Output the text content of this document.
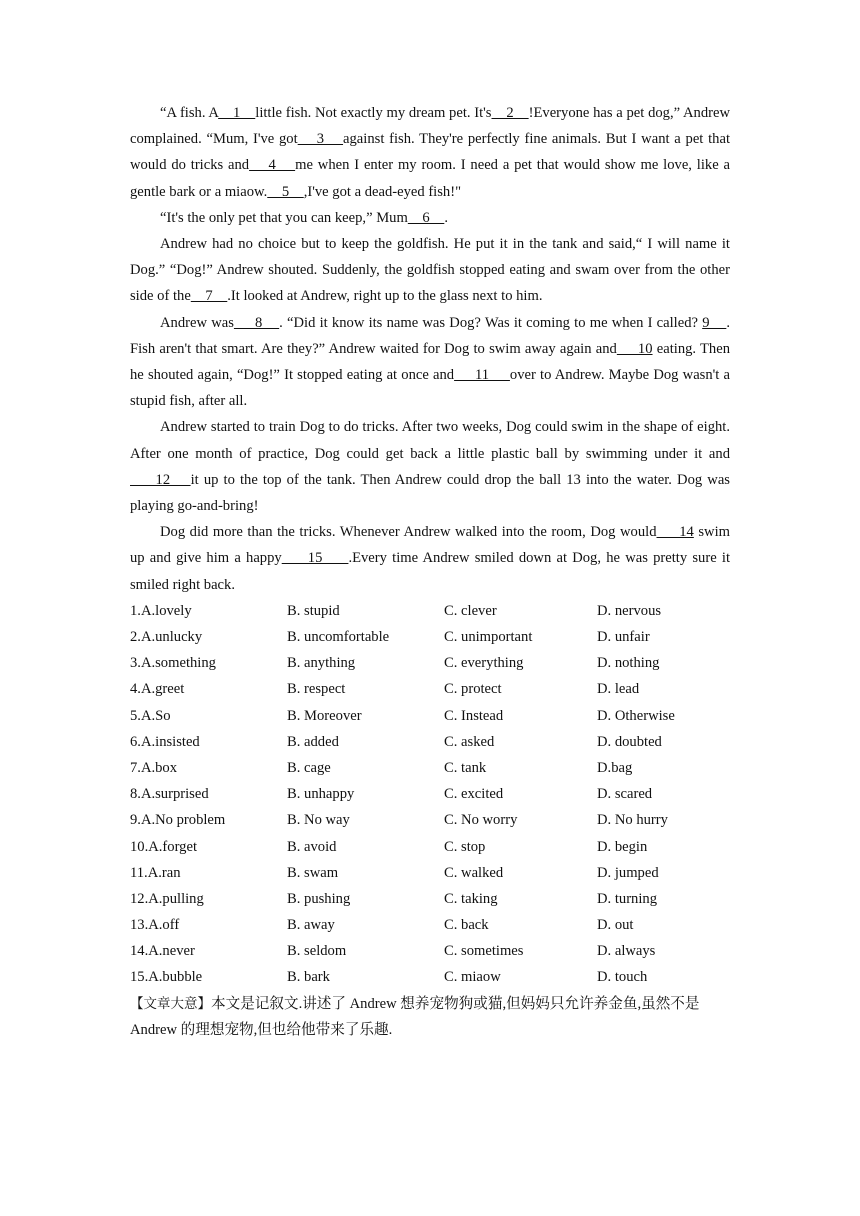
“A fish. A    1    little fish. Not exactly my dream pet. It's    2    !Everyone has a pet dog,” Andrew complained. “Mum, I've got    3    against fish. They're perfectly fine animals. But I want a pet that would do tricks and    4    me when I enter my room. I need a pet that would show me love, like a gentle bark or a miaow.    5    ,I've got a dead-eyed fish!"

“It's the only pet that you can keep,” Mum    6    .

Andrew had no choice but to keep the goldfish. He put it in the tank and said,“ I will name it Dog.” “Dog!” Andrew shouted. Suddenly, the goldfish stopped eating and swam over from the other side of the    7    .It looked at Andrew, right up to the glass next to him.

Andrew was     8    . “Did it know its name was Dog? Was it coming to me when I called? 9    . Fish aren't that smart. Are they?” Andrew waited for Dog to swim away again and     10 eating. Then he shouted again, “Dog!” It stopped eating at once and     11     over to Andrew. Maybe Dog wasn't a stupid fish, after all.

Andrew started to train Dog to do tricks. After two weeks, Dog could swim in the shape of eight. After one month of practice, Dog could get back a little plastic ball by swimming under it and     12    it up to the top of the tank. Then Andrew could drop the ball 13 into the water. Dog was playing go-and-bring!

Dog did more than the tricks. Whenever Andrew walked into the room, Dog would     14 swim up and give him a happy     15     .Every time Andrew smiled down at Dog, he was pretty sure it smiled right back.

1.A.lovely	B. stupid	C. clever	D. nervous
2.A.unlucky	B. uncomfortable	C. unimportant	D. unfair
3.A.something	B. anything	C. everything	D. nothing
4.A.greet	B. respect	C. protect	D. lead
5.A.So	B. Moreover	C. Instead	D. Otherwise
6.A.insisted	B. added	C. asked	D. doubted
7.A.box	B. cage	C. tank	D.bag
8.A.surprised	B. unhappy	C. excited	D. scared
9.A.No problem	B. No way	C. No worry	D. No hurry
10.A.forget	B. avoid	C. stop	D. begin
11.A.ran	B. swam	C. walked	D. jumped
12.A.pulling	B. pushing	C. taking	D. turning
13.A.off	B. away	C. back	D. out
14.A.never	B. seldom	C. sometimes	D. always
15.A.bubble	B. bark	C. miaow	D. touch

【文章大意】本文是记叙文.讲述了 Andrew 想养宠物狗或猫,但妈妈只允许养金鱼,虽然不是 Andrew 的理想宠物,但也给他带来了乐趣.
